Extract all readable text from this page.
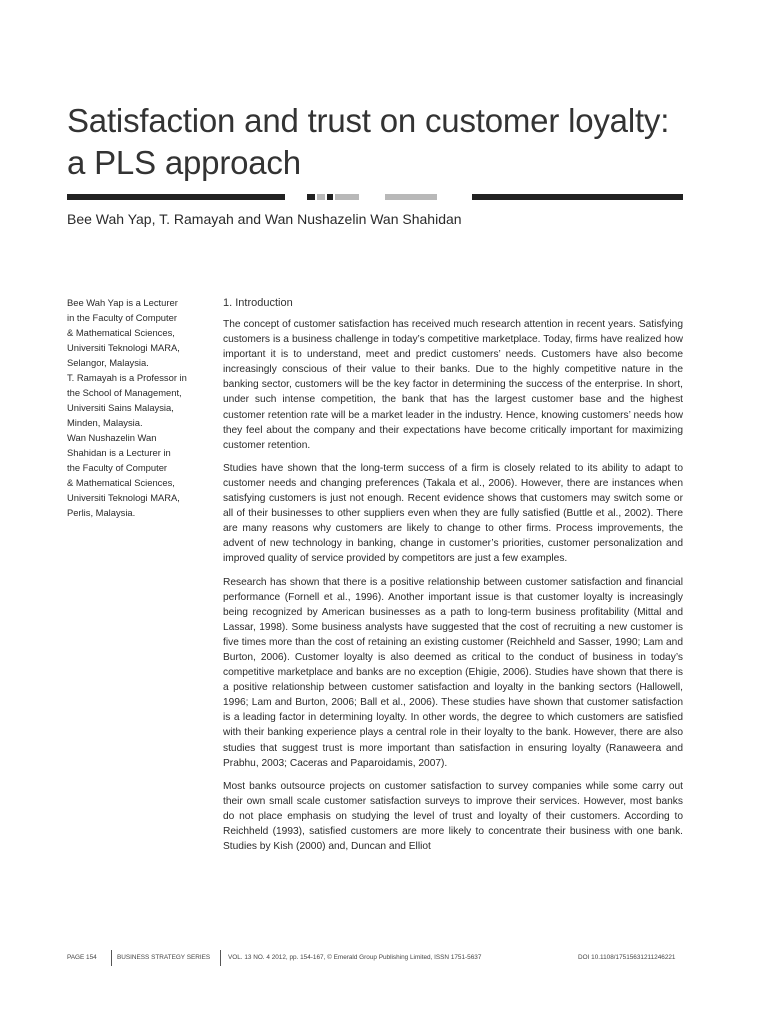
Satisfaction and trust on customer loyalty:
a PLS approach

Bee Wah Yap, T. Ramayah and Wan Nushazelin Wan Shahidan

Bee Wah Yap is a Lecturer

in the Faculty of Computer

& Mathematical Sciences,

Universiti Teknologi MARA,

Selangor, Malaysia.

T. Ramayah is a Professor in

the School of Management,

Universiti Sains Malaysia,

Minden, Malaysia.

Wan Nushazelin Wan

Shahidan is a Lecturer in

the Faculty of Computer

& Mathematical Sciences,

Universiti Teknologi MARA,

Perlis, Malaysia.

1. Introduction

The concept of customer satisfaction has received much research attention in recent years. Satisfying customers is a business challenge in today’s competitive marketplace. Today, firms have realized how important it is to understand, meet and predict customers’ needs. Customers have also become increasingly conscious of their value to their banks. Due to the highly competitive nature in the banking sector, customers will be the key factor in determining the success of the enterprise. In short, under such intense competition, the bank that has the largest customer base and the highest customer retention rate will be a market leader in the industry. Hence, knowing customers’ needs how they feel about the company and their expectations have become critically important for maximizing customer retention.

Studies have shown that the long-term success of a firm is closely related to its ability to adapt to customer needs and changing preferences (Takala et al., 2006). However, there are instances when satisfying customers is just not enough. Recent evidence shows that customers may switch some or all of their businesses to other suppliers even when they are fully satisfied (Buttle et al., 2002). There are many reasons why customers are likely to change to other firms. Process improvements, the advent of new technology in banking, change in customer’s priorities, customer personalization and improved quality of service provided by competitors are just a few examples.

Research has shown that there is a positive relationship between customer satisfaction and financial performance (Fornell et al., 1996). Another important issue is that customer loyalty is increasingly being recognized by American businesses as a path to long-term business profitability (Mittal and Lassar, 1998). Some business analysts have suggested that the cost of recruiting a new customer is five times more than the cost of retaining an existing customer (Reichheld and Sasser, 1990; Lam and Burton, 2006). Customer loyalty is also deemed as critical to the conduct of business in today’s competitive marketplace and banks are no exception (Ehigie, 2006). Studies have shown that there is a positive relationship between customer satisfaction and loyalty in the banking sectors (Hallowell, 1996; Lam and Burton, 2006; Ball et al., 2006). These studies have shown that customer satisfaction is a leading factor in determining loyalty. In other words, the degree to which customers are satisfied with their banking experience plays a central role in their loyalty to the bank. However, there are also studies that suggest trust is more important than satisfaction in ensuring loyalty (Ranaweera and Prabhu, 2003; Caceras and Paparoidamis, 2007).

Most banks outsource projects on customer satisfaction to survey companies while some carry out their own small scale customer satisfaction surveys to improve their services. However, most banks do not place emphasis on studying the level of trust and loyalty of their customers. According to Reichheld (1993), satisfied customers are more likely to concentrate their business with one bank. Studies by Kish (2000) and, Duncan and Elliot

PAGE 154	BUSINESS STRATEGY SERIES	VOL. 13 NO. 4 2012, pp. 154-167, © Emerald Group Publishing Limited, ISSN 1751-5637	DOI 10.1108/17515631211246221
